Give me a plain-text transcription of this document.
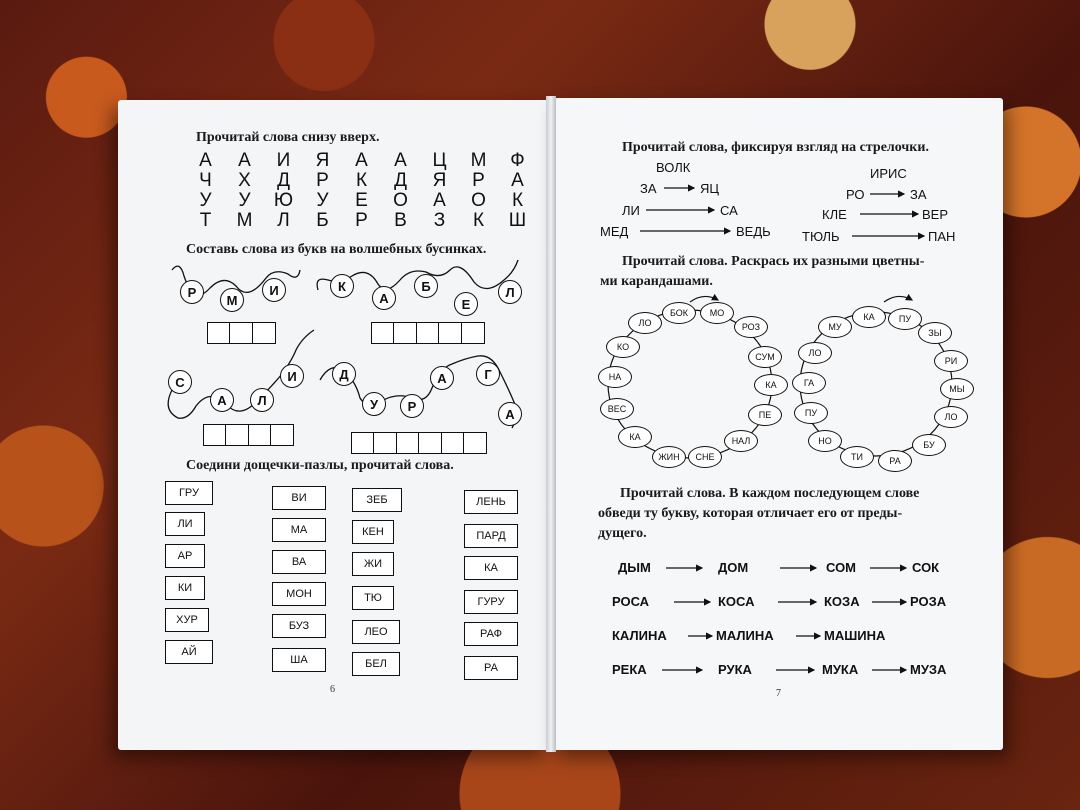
Прочитай слова снизу вверх.
А	А	И	Я	А	А	Ц	М	Ф
Ч	Х	Д	Р	К	Д	Я	Р	А
У	У	Ю	У	Е	О	А	О	К
Т	М	Л	Б	Р	В	З	К	Ш
Составь слова из букв на волшебных бусинках.
Р
М
И	К
А
Б
Е
Л
С
А	Л
И	Д
У	Р
А	Г
А
Соедини дощечки-пазлы, прочитай слова.
ГРУ
ЛИ
АР
КИ
ХУР
АЙ
ВИ
МА
ВА
МОН
БУЗ
ША
ЗЕБ
КЕН
ЖИ
ТЮ
ЛЕО
БЕЛ
ЛЕНЬ
ПАРД
КА
ГУРУ
РАФ
РА
6
Прочитай слова, фиксируя взгляд на стрелочки.
ВОЛК
ЗА	ЯЦ
ЛИ	СА
МЕД	ВЕДЬ
ИРИС
РО	ЗА
КЛЕ	ВЕР
ТЮЛЬ	ПАН
Прочитай слова. Раскрась их разными цветны-
ми карандашами.
БОК	МО
РОЗ
СУМ
КА
ПЕ
НАЛ
СНЕ
ЖИН
КА
ВЕС
НА
КО
ЛО
КА	ПУ
ЗЫ
РИ
МЫ
ЛО
БУ
РА
ТИ
НО
ПУ
ГА
ЛО
МУ
Прочитай слова. В каждом последующем слове
обведи ту букву, которая отличает его от преды-
дущего.
ДЫМ	ДОМ	СОМ	СОК
РОСА	КОСА	КОЗА	РОЗА
КАЛИНА	МАЛИНА	МАШИНА
РЕКА	РУКА	МУКА	МУЗА
7
